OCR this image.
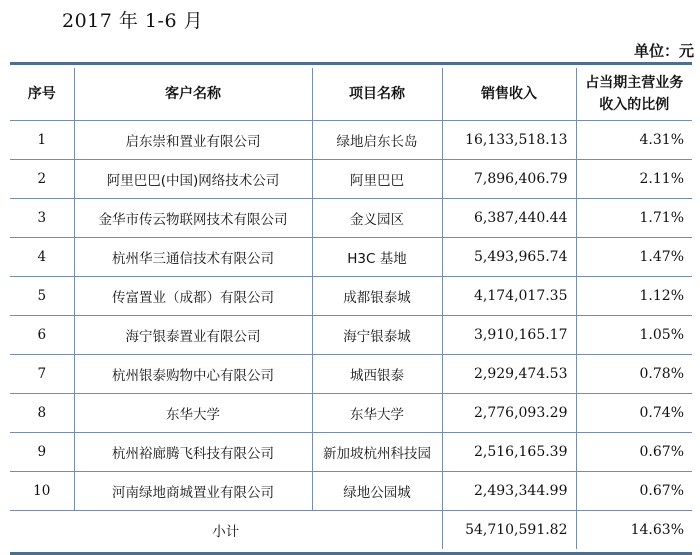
2017 年 1-6 月
单位：元
序号	客户名称	项目名称	销售收入	占当期主营业务
收入的比例

1	启东崇和置业有限公司	绿地启东长岛	16,133,518.13	4.31%
2	阿里巴巴(中国)网络技术公司	阿里巴巴	7,896,406.79	2.11%
3	金华市传云物联网技术有限公司	金义园区	6,387,440.44	1.71%
4	杭州华三通信技术有限公司	H3C 基地	5,493,965.74	1.47%
5	传富置业（成都）有限公司	成都银泰城	4,174,017.35	1.12%
6	海宁银泰置业有限公司	海宁银泰城	3,910,165.17	1.05%
7	杭州银泰购物中心有限公司	城西银泰	2,929,474.53	0.78%
8	东华大学	东华大学	2,776,093.29	0.74%
9	杭州裕廊腾飞科技有限公司	新加坡杭州科技园	2,516,165.39	0.67%
10	河南绿地商城置业有限公司	绿地公园城	2,493,344.99	0.67%
小计			54,710,591.82	14.63%
